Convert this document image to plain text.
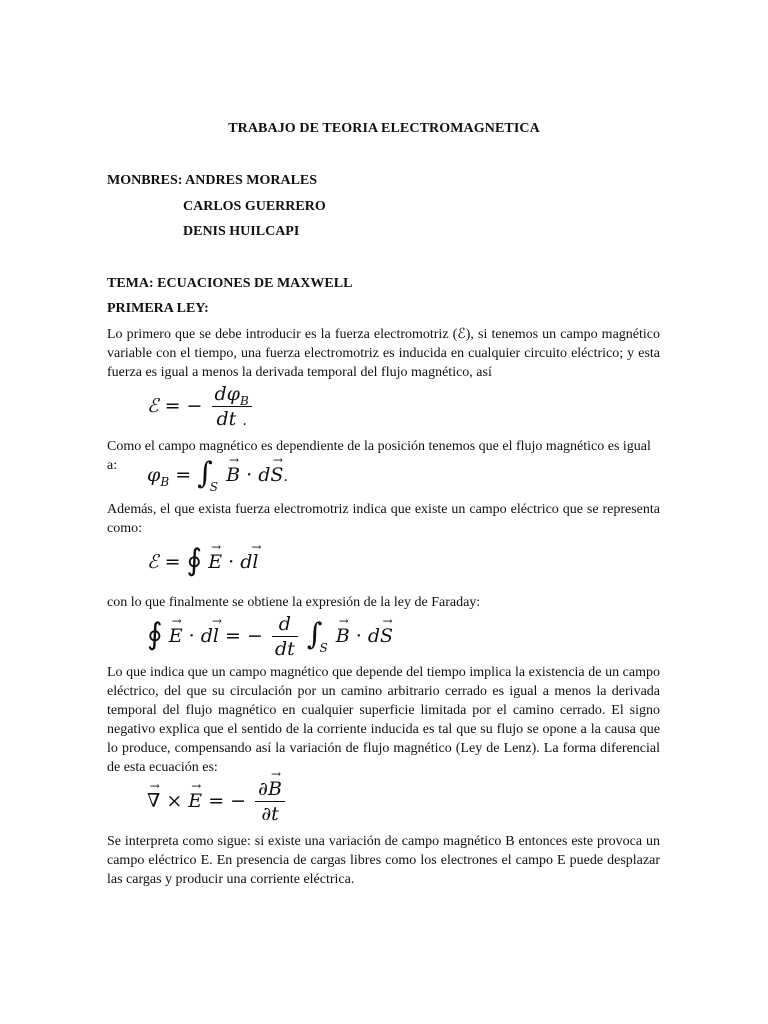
TRABAJO DE TEORIA ELECTROMAGNETICA
MONBRES: ANDRES MORALES
CARLOS GUERRERO
DENIS HUILCAPI
TEMA: ECUACIONES DE MAXWELL
PRIMERA LEY:
Lo primero que se debe introducir es la fuerza electromotriz (ℰ), si tenemos un campo magnético variable con el tiempo, una fuerza electromotriz es inducida en cualquier circuito eléctrico; y esta fuerza es igual a menos la derivada temporal del flujo magnético, así
ℰ = − $\frac{d\varphi_B}{dt .}$
Como el campo magnético es dependiente de la posición tenemos que el flujo magnético es igual a:	$\varphi_B = \int_S \to B \cdot d\to S$.
Además, el que exista fuerza electromotriz indica que existe un campo eléctrico que se representa como:
ℰ = ∮ → E · d→ l
con lo que finalmente se obtiene la expresión de la ley de Faraday:
∮ → E · d→ l = − $\frac{d}{dt} \int_S \to B \cdot d\to S$
Lo que indica que un campo magnético que depende del tiempo implica la existencia de un campo eléctrico, del que su circulación por un camino arbitrario cerrado es igual a menos la derivada temporal del flujo magnético en cualquier superficie limitada por el camino cerrado. El signo negativo explica que el sentido de la corriente inducida es tal que su flujo se opone a la causa que lo produce, compensando así la variación de flujo magnético (Ley de Lenz). La forma diferencial de esta ecuación es:
→ ∇ × → E = − $\frac{\partial\to B}{\partial t}$
Se interpreta como sigue: si existe una variación de campo magnético B entonces este provoca un campo eléctrico E. En presencia de cargas libres como los electrones el campo E puede desplazar las cargas y producir una corriente eléctrica.
